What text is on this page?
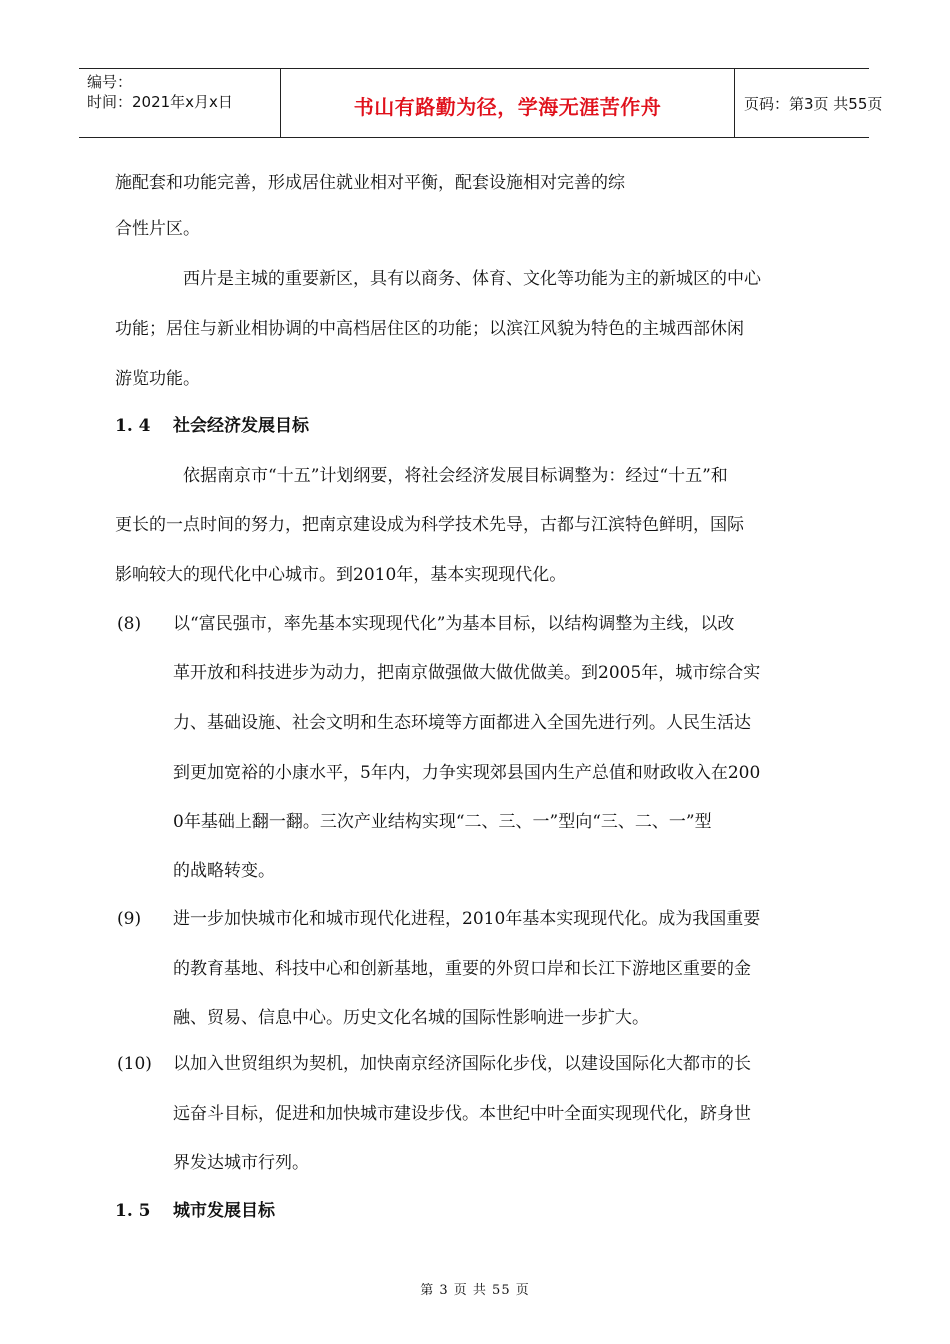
编号：
时间：2021年x月x日	书山有路勤为径，学海无涯苦作舟	页码：第3页 共55页
施配套和功能完善，形成居住就业相对平衡，配套设施相对完善的综
合性片区。
西片是主城的重要新区，具有以商务、体育、文化等功能为主的新城区的中心
功能；居住与新业相协调的中高档居住区的功能；以滨江风貌为特色的主城西部休闲
游览功能。
1. 4 社会经济发展目标
依据南京市“十五”计划纲要，将社会经济发展目标调整为：经过“十五”和
更长的一点时间的努力，把南京建设成为科学技术先导，古都与江滨特色鲜明，国际
影响较大的现代化中心城市。到2010年，基本实现现代化。
(8) 以“富民强市，率先基本实现现代化”为基本目标，以结构调整为主线，以改
革开放和科技进步为动力，把南京做强做大做优做美。到2005年，城市综合实
力、基础设施、社会文明和生态环境等方面都进入全国先进行列。人民生活达
到更加宽裕的小康水平，5年内，力争实现郊县国内生产总值和财政收入在200
0年基础上翻一翻。三次产业结构实现“二、三、一”型向“三、二、一”型
的战略转变。
(9) 进一步加快城市化和城市现代化进程，2010年基本实现现代化。成为我国重要
的教育基地、科技中心和创新基地，重要的外贸口岸和长江下游地区重要的金
融、贸易、信息中心。历史文化名城的国际性影响进一步扩大。
(10) 以加入世贸组织为契机，加快南京经济国际化步伐，以建设国际化大都市的长
远奋斗目标，促进和加快城市建设步伐。本世纪中叶全面实现现代化，跻身世
界发达城市行列。
1. 5 城市发展目标
第 3 页 共 55 页
